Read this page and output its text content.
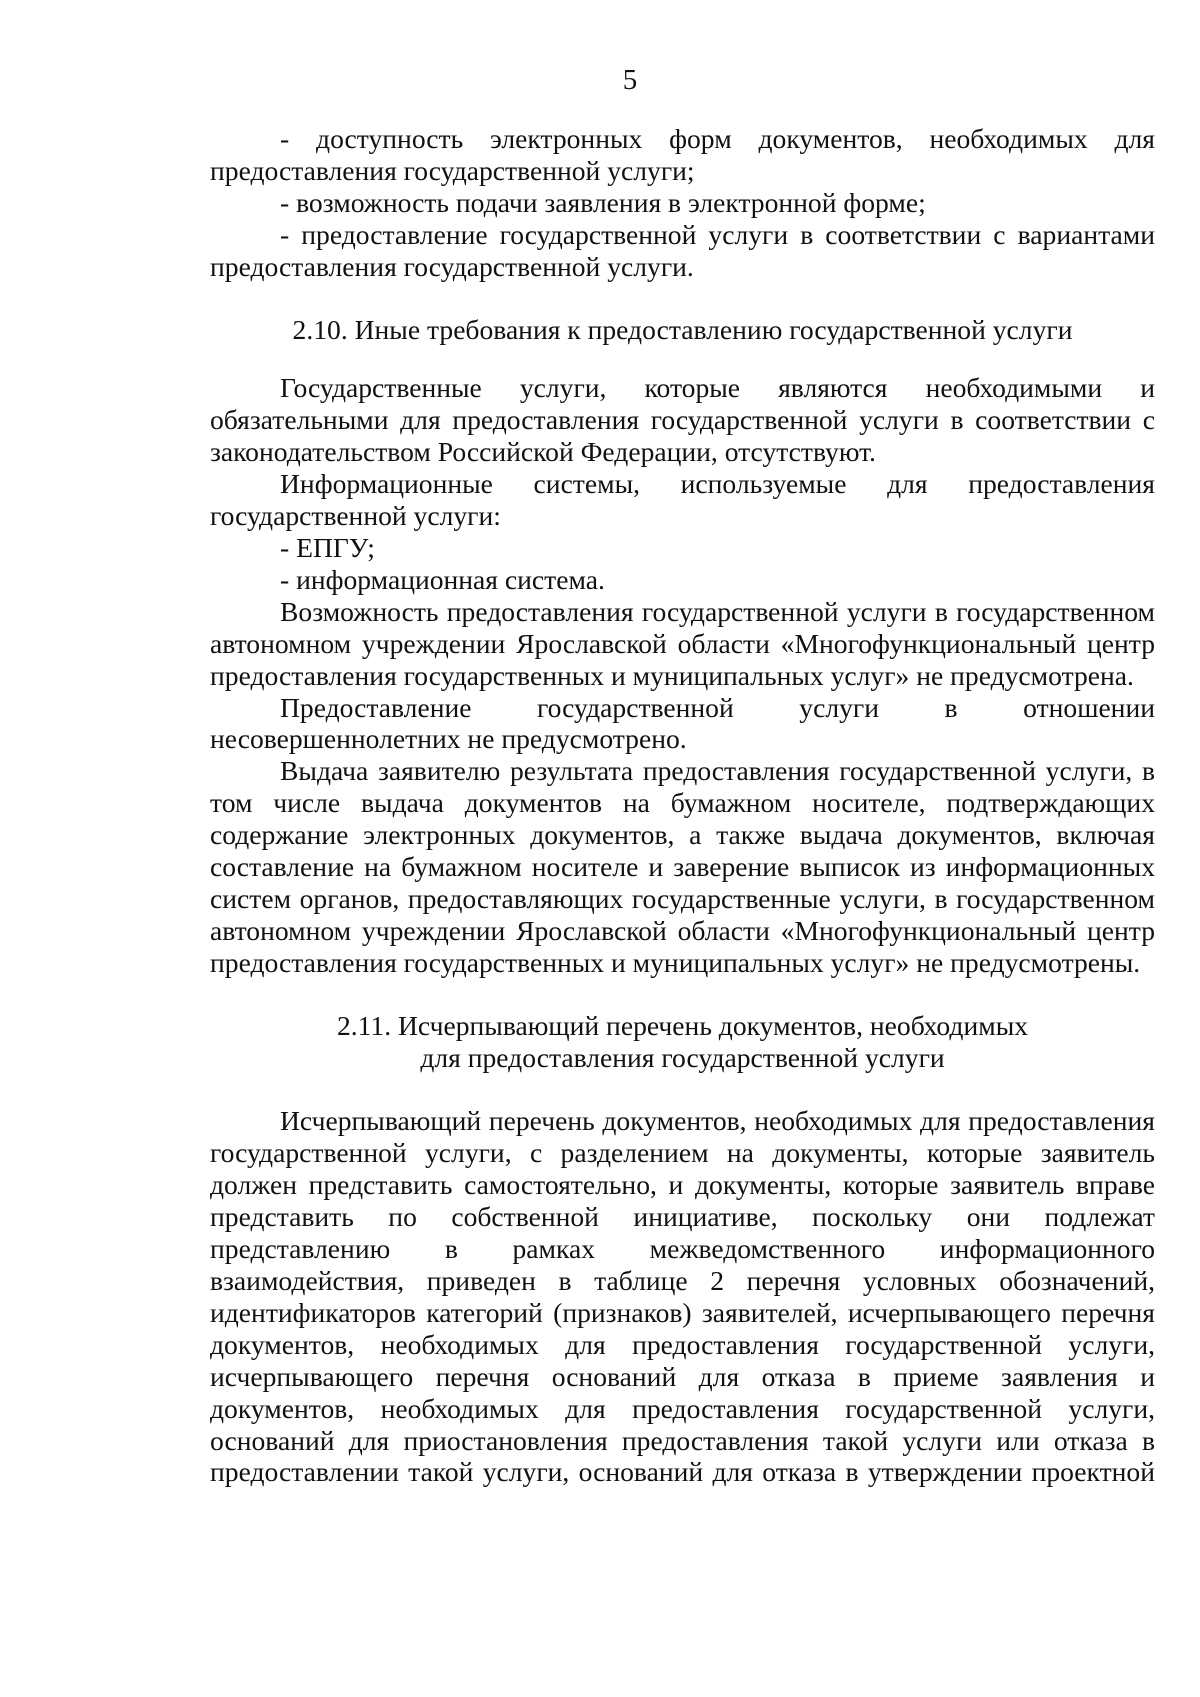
5

- доступность электронных форм документов, необходимых для предоставления государственной услуги;

- возможность подачи заявления в электронной форме;

- предоставление государственной услуги в соответствии с вариантами предоставления государственной услуги.

2.10. Иные требования к предоставлению государственной услуги

Государственные услуги, которые являются необходимыми и обязательными для предоставления государственной услуги в соответствии с законодательством Российской Федерации, отсутствуют.

Информационные системы, используемые для предоставления государственной услуги:

- ЕПГУ;

- информационная система.

Возможность предоставления государственной услуги в государственном автономном учреждении Ярославской области «Многофункциональный центр предоставления государственных и муниципальных услуг» не предусмотрена.

Предоставление государственной услуги в отношении несовершеннолетних не предусмотрено.

Выдача заявителю результата предоставления государственной услуги, в том числе выдача документов на бумажном носителе, подтверждающих содержание электронных документов, а также выдача документов, включая составление на бумажном носителе и заверение выписок из информационных систем органов, предоставляющих государственные услуги, в государственном автономном учреждении Ярославской области «Многофункциональный центр предоставления государственных и муниципальных услуг» не предусмотрены.

2.11. Исчерпывающий перечень документов, необходимых
для предоставления государственной услуги

Исчерпывающий перечень документов, необходимых для предоставления государственной услуги, с разделением на документы, которые заявитель должен представить самостоятельно, и документы, которые заявитель вправе представить по собственной инициативе, поскольку они подлежат представлению в рамках межведомственного информационного взаимодействия, приведен в таблице 2 перечня условных обозначений, идентификаторов категорий (признаков) заявителей, исчерпывающего перечня документов, необходимых для предоставления государственной услуги, исчерпывающего перечня оснований для отказа в приеме заявления и документов, необходимых для предоставления государственной услуги, оснований для приостановления предоставления такой услуги или отказа в предоставлении такой услуги, оснований для отказа в утверждении проектной
